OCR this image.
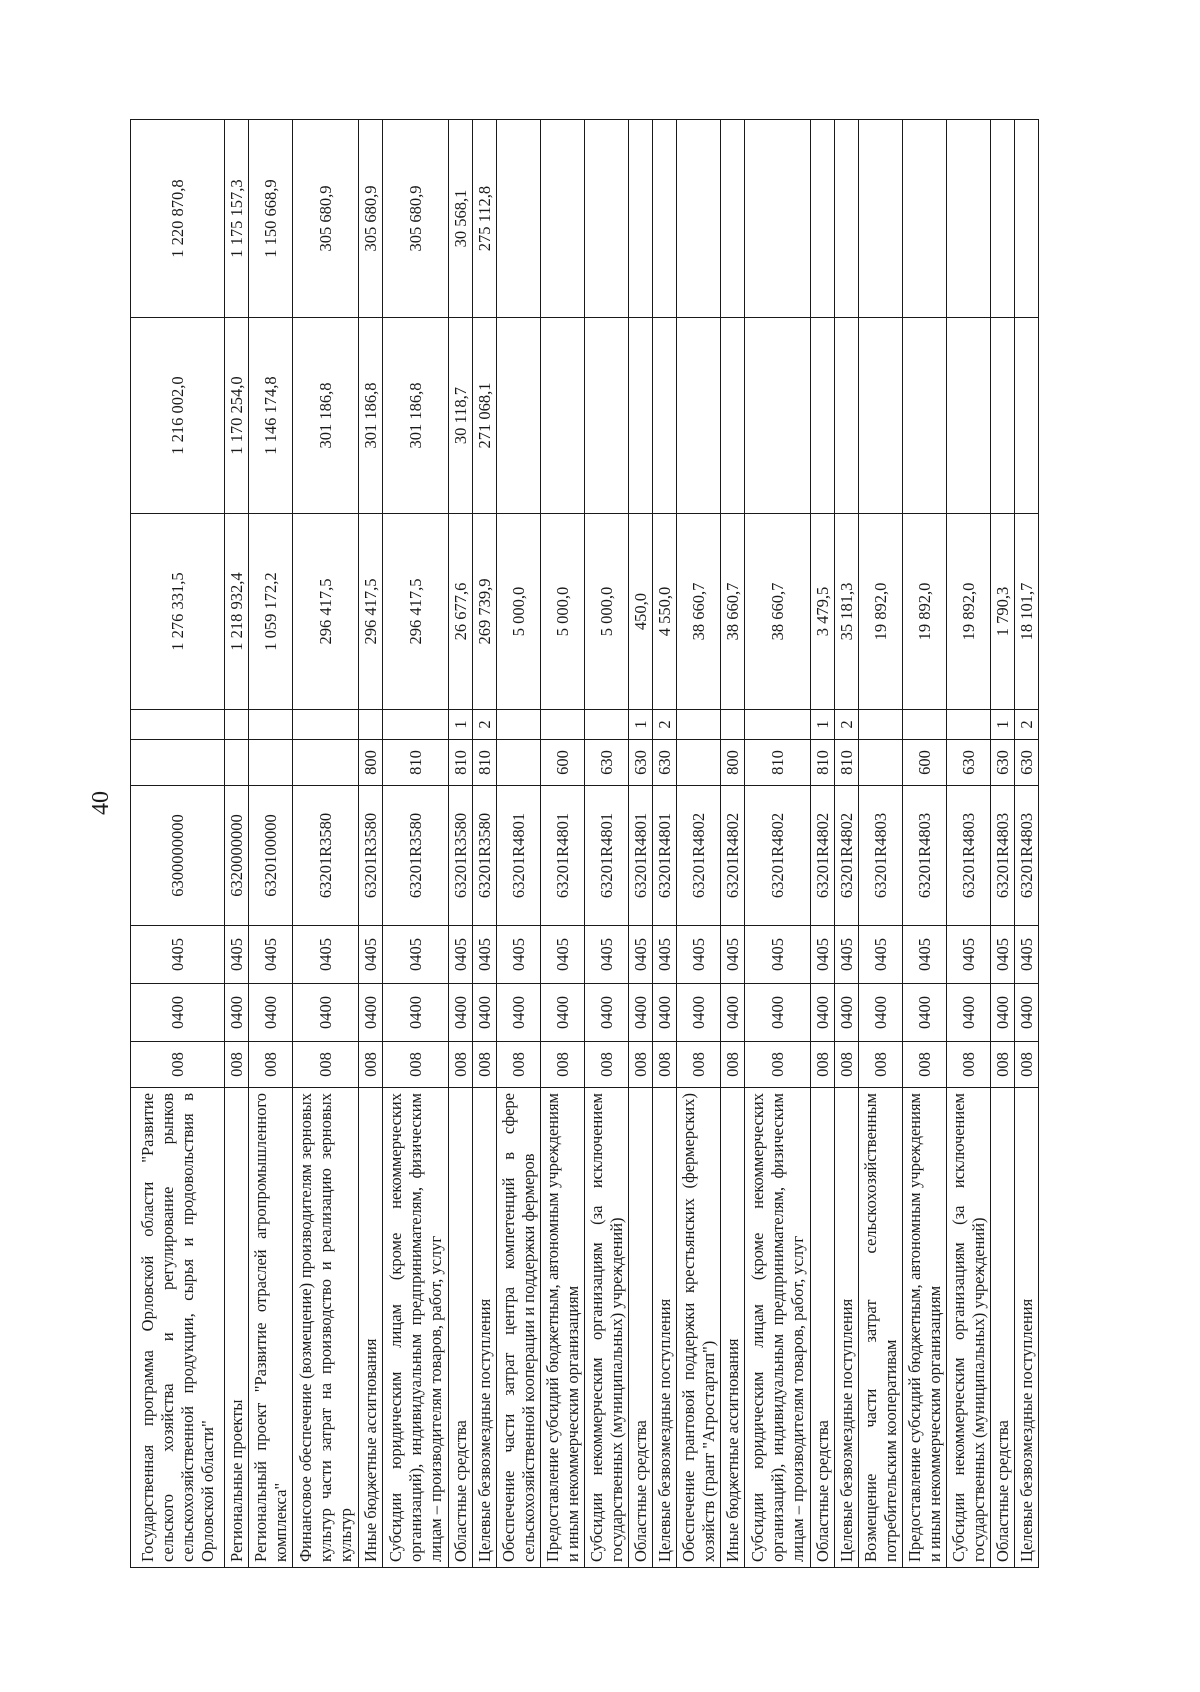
40
Государственная программа Орловской области "Развитие сельского хозяйства и регулирование рынков сельскохозяйственной продукции, сырья и продовольствия в Орловской области"	008	0400	0405	6300000000			1 276 331,5	1 216 002,0	1 220 870,8
Региональные проекты	008	0400	0405	6320000000			1 218 932,4	1 170 254,0	1 175 157,3
Региональный проект "Развитие отраслей агропромышленного комплекса"	008	0400	0405	6320100000			1 059 172,2	1 146 174,8	1 150 668,9
Финансовое обеспечение (возмещение) производителям зерновых культур части затрат на производство и реализацию зерновых культур	008	0400	0405	63201R3580			296 417,5	301 186,8	305 680,9
Иные бюджетные ассигнования	008	0400	0405	63201R3580	800		296 417,5	301 186,8	305 680,9
Субсидии юридическим лицам (кроме некоммерческих организаций), индивидуальным предпринимателям, физическим лицам – производителям товаров, работ, услуг	008	0400	0405	63201R3580	810		296 417,5	301 186,8	305 680,9
Областные средства	008	0400	0405	63201R3580	810	1	26 677,6	30 118,7	30 568,1
Целевые безвозмездные поступления	008	0400	0405	63201R3580	810	2	269 739,9	271 068,1	275 112,8
Обеспечение части затрат центра компетенций в сфере сельскохозяйственной кооперации и поддержки фермеров	008	0400	0405	63201R4801			5 000,0		
Предоставление субсидий бюджетным, автономным учреждениям и иным некоммерческим организациям	008	0400	0405	63201R4801	600		5 000,0		
Субсидии некоммерческим организациям (за исключением государственных (муниципальных) учреждений)	008	0400	0405	63201R4801	630		5 000,0		
Областные средства	008	0400	0405	63201R4801	630	1	450,0		
Целевые безвозмездные поступления	008	0400	0405	63201R4801	630	2	4 550,0		
Обеспечение грантовой поддержки крестьянских (фермерских) хозяйств (грант "Агростартап")	008	0400	0405	63201R4802			38 660,7		
Иные бюджетные ассигнования	008	0400	0405	63201R4802	800		38 660,7		
Субсидии юридическим лицам (кроме некоммерческих организаций), индивидуальным предпринимателям, физическим лицам – производителям товаров, работ, услуг	008	0400	0405	63201R4802	810		38 660,7		
Областные средства	008	0400	0405	63201R4802	810	1	3 479,5		
Целевые безвозмездные поступления	008	0400	0405	63201R4802	810	2	35 181,3		
Возмещение части затрат сельскохозяйственным потребительским кооперативам	008	0400	0405	63201R4803			19 892,0		
Предоставление субсидий бюджетным, автономным учреждениям и иным некоммерческим организациям	008	0400	0405	63201R4803	600		19 892,0		
Субсидии некоммерческим организациям (за исключением государственных (муниципальных) учреждений)	008	0400	0405	63201R4803	630		19 892,0		
Областные средства	008	0400	0405	63201R4803	630	1	1 790,3		
Целевые безвозмездные поступления	008	0400	0405	63201R4803	630	2	18 101,7		
